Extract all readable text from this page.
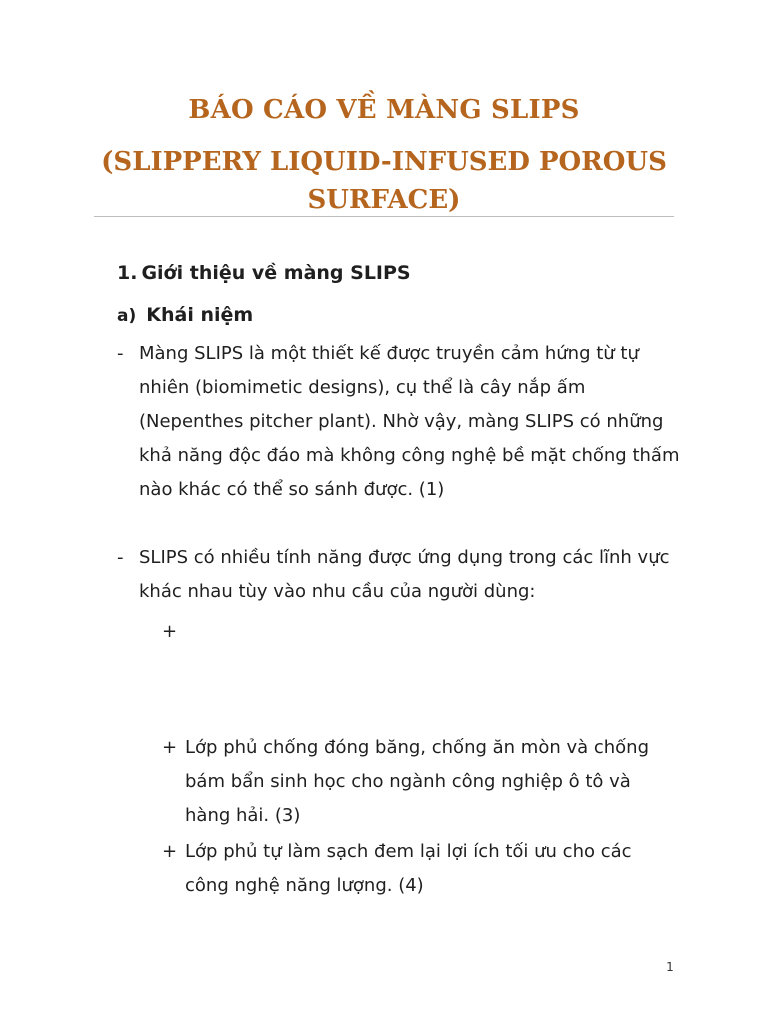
BÁO CÁO VỀ MÀNG SLIPS
(SLIPPERY LIQUID-INFUSED POROUS SURFACE)
1. Giới thiệu về màng SLIPS
a) Khái niệm
- Màng SLIPS là một thiết kế được truyền cảm hứng từ tự nhiên (biomimetic designs), cụ thể là cây nắp ấm (Nepenthes pitcher plant). Nhờ vậy, màng SLIPS có những khả năng độc đáo mà không công nghệ bề mặt chống thấm nào khác có thể so sánh được. (1)
- SLIPS có nhiều tính năng được ứng dụng trong các lĩnh vực khác nhau tùy vào nhu cầu của người dùng:
+
+ Lớp phủ chống đóng băng, chống ăn mòn và chống bám bẩn sinh học cho ngành công nghiệp ô tô và hàng hải. (3)
+ Lớp phủ tự làm sạch đem lại lợi ích tối ưu cho các công nghệ năng lượng. (4)
1
